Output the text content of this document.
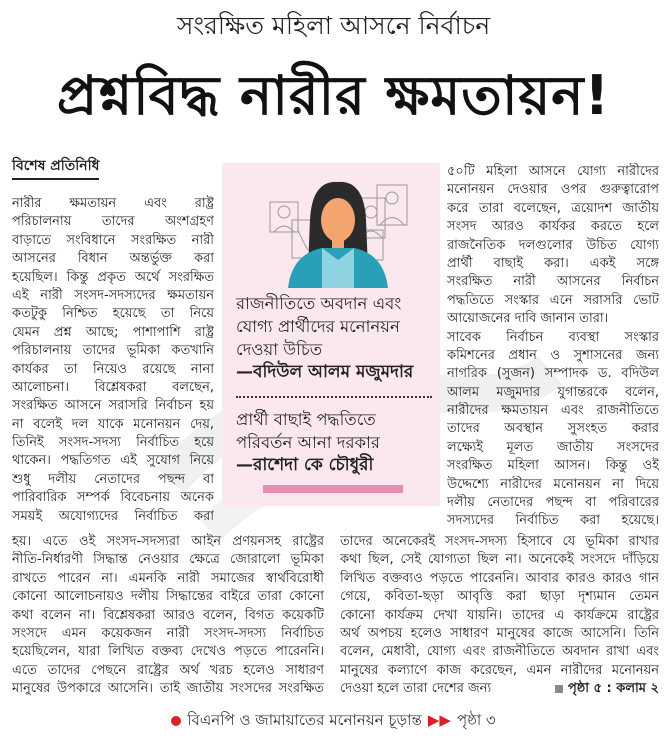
সংরক্ষিত মহিলা আসনে নির্বাচন
প্রশ্নবিদ্ধ নারীর ক্ষমতায়ন!
বিশেষ প্রতিনিধি
নারীর ক্ষমতায়ন এবং রাষ্ট্র
পরিচালনায় তাদের অংশগ্রহণ
বাড়াতে সংবিধানে সংরক্ষিত নারী
আসনের বিধান অন্তর্ভুক্ত করা
হয়েছিল। কিন্তু প্রকৃত অর্থে সংরক্ষিত
এই নারী সংসদ-সদস্যদের ক্ষমতায়ন
কতটুকু নিশ্চিত হয়েছে তা নিয়ে
যেমন প্রশ্ন আছে; পাশাপাশি রাষ্ট্র
পরিচালনায় তাদের ভূমিকা কতখানি
কার্যকর তা নিয়েও রয়েছে নানা
আলোচনা। বিশ্লেষকরা বলছেন,
সংরক্ষিত আসনে সরাসরি নির্বাচন হয়
না বলেই দল যাকে মনোনয়ন দেয়,
তিনিই সংসদ-সদস্য নির্বাচিত হয়ে
থাকেন। পদ্ধতিগত এই সুযোগ নিয়ে
শুধু দলীয় নেতাদের পছন্দ বা
পারিবারিক সম্পর্ক বিবেচনায় অনেক
সময়ই অযোগ্যদের নির্বাচিত করা
রাজনীতিতে অবদান এবং
যোগ্য প্রার্থীদের মনোনয়ন
দেওয়া উচিত
—বদিউল আলম মজুমদার
প্রার্থী বাছাই পদ্ধতিতে
পরিবর্তন আনা দরকার
—রাশেদা কে চৌধুরী
৫০টি মহিলা আসনে যোগ্য নারীদের
মনোনয়ন দেওয়ার ওপর গুরুত্বারোপ
করে তারা বলেছেন, ত্রয়োদশ জাতীয়
সংসদ আরও কার্যকর করতে হলে
রাজনৈতিক দলগুলোর উচিত যোগ্য
প্রার্থী বাছাই করা। একই সঙ্গে
সংরক্ষিত নারী আসনের নির্বাচন
পদ্ধতিতে সংস্কার এনে সরাসরি ভোট
আয়োজনের দাবি জানান তারা।
সাবেক নির্বাচন ব্যবস্থা সংস্কার
কমিশনের প্রধান ও সুশাসনের জন্য
নাগরিক (সুজন) সম্পাদক ড. বদিউল
আলম মজুমদার যুগান্তরকে বলেন,
নারীদের ক্ষমতায়ন এবং রাজনীতিতে
তাদের অবস্থান সুসংহত করার
লক্ষ্যেই মূলত জাতীয় সংসদের
সংরক্ষিত মহিলা আসন। কিন্তু ওই
উদ্দেশ্যে নারীদের মনোনয়ন না দিয়ে
দলীয় নেতাদের পছন্দ বা পরিবারের
সদস্যদের নির্বাচিত করা হয়েছে।
হয়। এতে ওই সংসদ-সদস্যরা আইন প্রণয়নসহ রাষ্ট্রের
নীতি-নির্ধারণী সিদ্ধান্ত নেওয়ার ক্ষেত্রে জোরালো ভূমিকা
রাখতে পারেন না। এমনকি নারী সমাজের স্বার্থবিরোধী
কোনো আলোচনায়ও দলীয় সিদ্ধান্তের বাইরে তারা কোনো
কথা বলেন না। বিশ্লেষকরা আরও বলেন, বিগত কয়েকটি
সংসদে এমন কয়েকজন নারী সংসদ-সদস্য নির্বাচিত
হয়েছিলেন, যারা লিখিত বক্তব্য দেখেও পড়তে পারেননি।
এতে তাদের পেছনে রাষ্ট্রের অর্থ খরচ হলেও সাধারণ
মানুষের উপকারে আসেনি। তাই জাতীয় সংসদের সংরক্ষিত
তাদের অনেকেরই সংসদ-সদস্য হিসাবে যে ভূমিকা রাখার
কথা ছিল, সেই যোগ্যতা ছিল না। অনেকেই সংসদে দাঁড়িয়ে
লিখিত বক্তব্যও পড়তে পারেননি। আবার কারও কারও গান
গেয়ে, কবিতা-ছড়া আবৃত্তি করা ছাড়া দৃশ্যমান তেমন
কোনো কার্যক্রম দেখা যায়নি। তাদের এ কার্যক্রমে রাষ্ট্রের
অর্থ অপচয় হলেও সাধারণ মানুষের কাজে আসেনি। তিনি
বলেন, মেধাবী, যোগ্য এবং রাজনীতিতে অবদান রাখা এবং
মানুষের কল্যাণে কাজ করেছেন, এমন নারীদের মনোনয়ন
দেওয়া হলে তারা দেশের জন্য	পৃষ্ঠা ৫ : কলাম ২
বিএনপি ও জামায়াতের মনোনয়ন চূড়ান্ত ▶▶ পৃষ্ঠা ৩
